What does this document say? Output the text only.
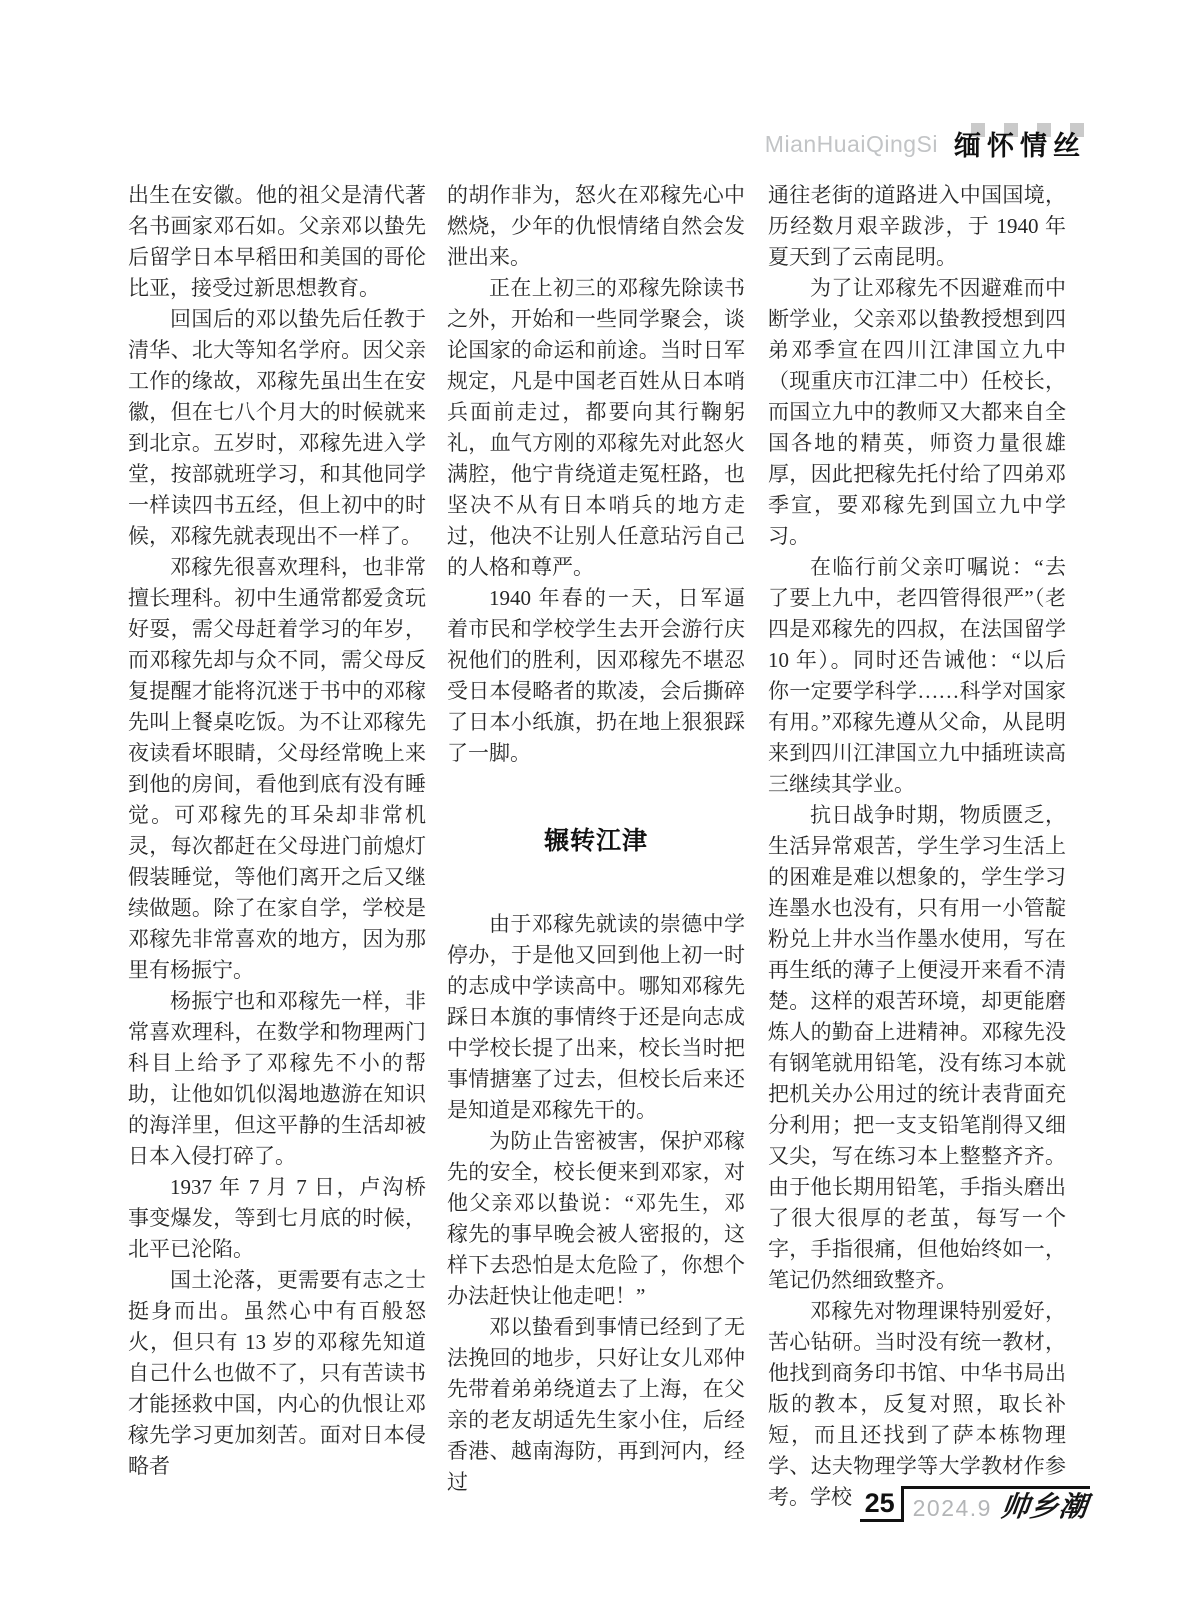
MianHuaiQingSi 缅 怀 情 丝

出生在安徽。他的祖父是清代著名书画家邓石如。父亲邓以蛰先后留学日本早稻田和美国的哥伦比亚，接受过新思想教育。

回国后的邓以蛰先后任教于清华、北大等知名学府。因父亲工作的缘故，邓稼先虽出生在安徽，但在七八个月大的时候就来到北京。五岁时，邓稼先进入学堂，按部就班学习，和其他同学一样读四书五经，但上初中的时候，邓稼先就表现出不一样了。

邓稼先很喜欢理科，也非常擅长理科。初中生通常都爱贪玩好耍，需父母赶着学习的年岁，而邓稼先却与众不同，需父母反复提醒才能将沉迷于书中的邓稼先叫上餐桌吃饭。为不让邓稼先夜读看坏眼睛，父母经常晚上来到他的房间，看他到底有没有睡觉。可邓稼先的耳朵却非常机灵，每次都赶在父母进门前熄灯假装睡觉，等他们离开之后又继续做题。除了在家自学，学校是邓稼先非常喜欢的地方，因为那里有杨振宁。

杨振宁也和邓稼先一样，非常喜欢理科，在数学和物理两门科目上给予了邓稼先不小的帮助，让他如饥似渴地遨游在知识的海洋里，但这平静的生活却被日本入侵打碎了。

1937 年 7 月 7 日，卢沟桥事变爆发，等到七月底的时候，北平已沦陷。

国土沦落，更需要有志之士挺身而出。虽然心中有百般怒火，但只有 13 岁的邓稼先知道自己什么也做不了，只有苦读书才能拯救中国，内心的仇恨让邓稼先学习更加刻苦。面对日本侵略者

的胡作非为，怒火在邓稼先心中燃烧，少年的仇恨情绪自然会发泄出来。

正在上初三的邓稼先除读书之外，开始和一些同学聚会，谈论国家的命运和前途。当时日军规定，凡是中国老百姓从日本哨兵面前走过，都要向其行鞠躬礼，血气方刚的邓稼先对此怒火满腔，他宁肯绕道走冤枉路，也坚决不从有日本哨兵的地方走过，他决不让别人任意玷污自己的人格和尊严。

1940 年春的一天，日军逼着市民和学校学生去开会游行庆祝他们的胜利，因邓稼先不堪忍受日本侵略者的欺凌，会后撕碎了日本小纸旗，扔在地上狠狠踩了一脚。

辗转江津

由于邓稼先就读的崇德中学停办，于是他又回到他上初一时的志成中学读高中。哪知邓稼先踩日本旗的事情终于还是向志成中学校长提了出来，校长当时把事情搪塞了过去，但校长后来还是知道是邓稼先干的。

为防止告密被害，保护邓稼先的安全，校长便来到邓家，对他父亲邓以蛰说：“邓先生，邓稼先的事早晚会被人密报的，这样下去恐怕是太危险了，你想个办法赶快让他走吧！”

邓以蛰看到事情已经到了无法挽回的地步，只好让女儿邓仲先带着弟弟绕道去了上海，在父亲的老友胡适先生家小住，后经香港、越南海防，再到河内，经过

通往老街的道路进入中国国境，历经数月艰辛跋涉，于 1940 年夏天到了云南昆明。

为了让邓稼先不因避难而中断学业，父亲邓以蛰教授想到四弟邓季宣在四川江津国立九中（现重庆市江津二中）任校长，而国立九中的教师又大都来自全国各地的精英，师资力量很雄厚，因此把稼先托付给了四弟邓季宣，要邓稼先到国立九中学习。

在临行前父亲叮嘱说：“去了要上九中，老四管得很严”（老四是邓稼先的四叔，在法国留学 10 年）。同时还告诫他：“以后你一定要学科学……科学对国家有用。”邓稼先遵从父命，从昆明来到四川江津国立九中插班读高三继续其学业。

抗日战争时期，物质匮乏，生活异常艰苦，学生学习生活上的困难是难以想象的，学生学习连墨水也没有，只有用一小管靛粉兑上井水当作墨水使用，写在再生纸的薄子上便浸开来看不清楚。这样的艰苦环境，却更能磨炼人的勤奋上进精神。邓稼先没有钢笔就用铅笔，没有练习本就把机关办公用过的统计表背面充分利用；把一支支铅笔削得又细又尖，写在练习本上整整齐齐。由于他长期用铅笔，手指头磨出了很大很厚的老茧，每写一个字，手指很痛，但他始终如一，笔记仍然细致整齐。

邓稼先对物理课特别爱好，苦心钻研。当时没有统一教材，他找到商务印书馆、中华书局出版的教本，反复对照，取长补短，而且还找到了萨本栋物理学、达夫物理学等大学教材作参考。学校 25 2024.9 帅乡潮
